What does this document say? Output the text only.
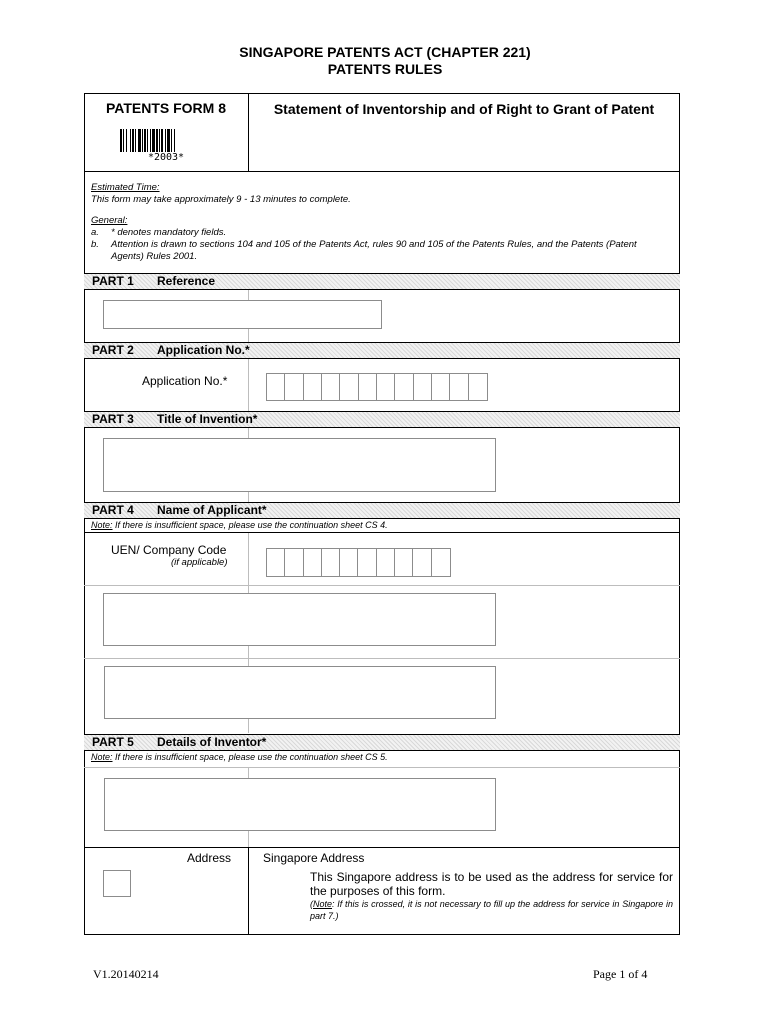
SINGAPORE PATENTS ACT (CHAPTER 221)
PATENTS RULES
PATENTS FORM 8
*2003*
Statement of Inventorship and of Right to Grant of Patent
Estimated Time:
This form may take approximately 9 - 13 minutes to complete.
General:
a. * denotes mandatory fields.
b. Attention is drawn to sections 104 and 105 of the Patents Act, rules 90 and 105 of the Patents Rules, and the Patents (Patent Agents) Rules 2001.
PART 1 Reference
PART 2 Application No.*
Application No.*
PART 3 Title of Invention*
PART 4 Name of Applicant*
Note: If there is insufficient space, please use the continuation sheet CS 4.
UEN/ Company Code
(if applicable)
PART 5 Details of Inventor*
Note: If there is insufficient space, please use the continuation sheet CS 5.
Address	Singapore Address
This Singapore address is to be used as the address for service for the purposes of this form.
(Note: If this is crossed, it is not necessary to fill up the address for service in Singapore in part 7.)
V1.20140214	Page 1 of 4
